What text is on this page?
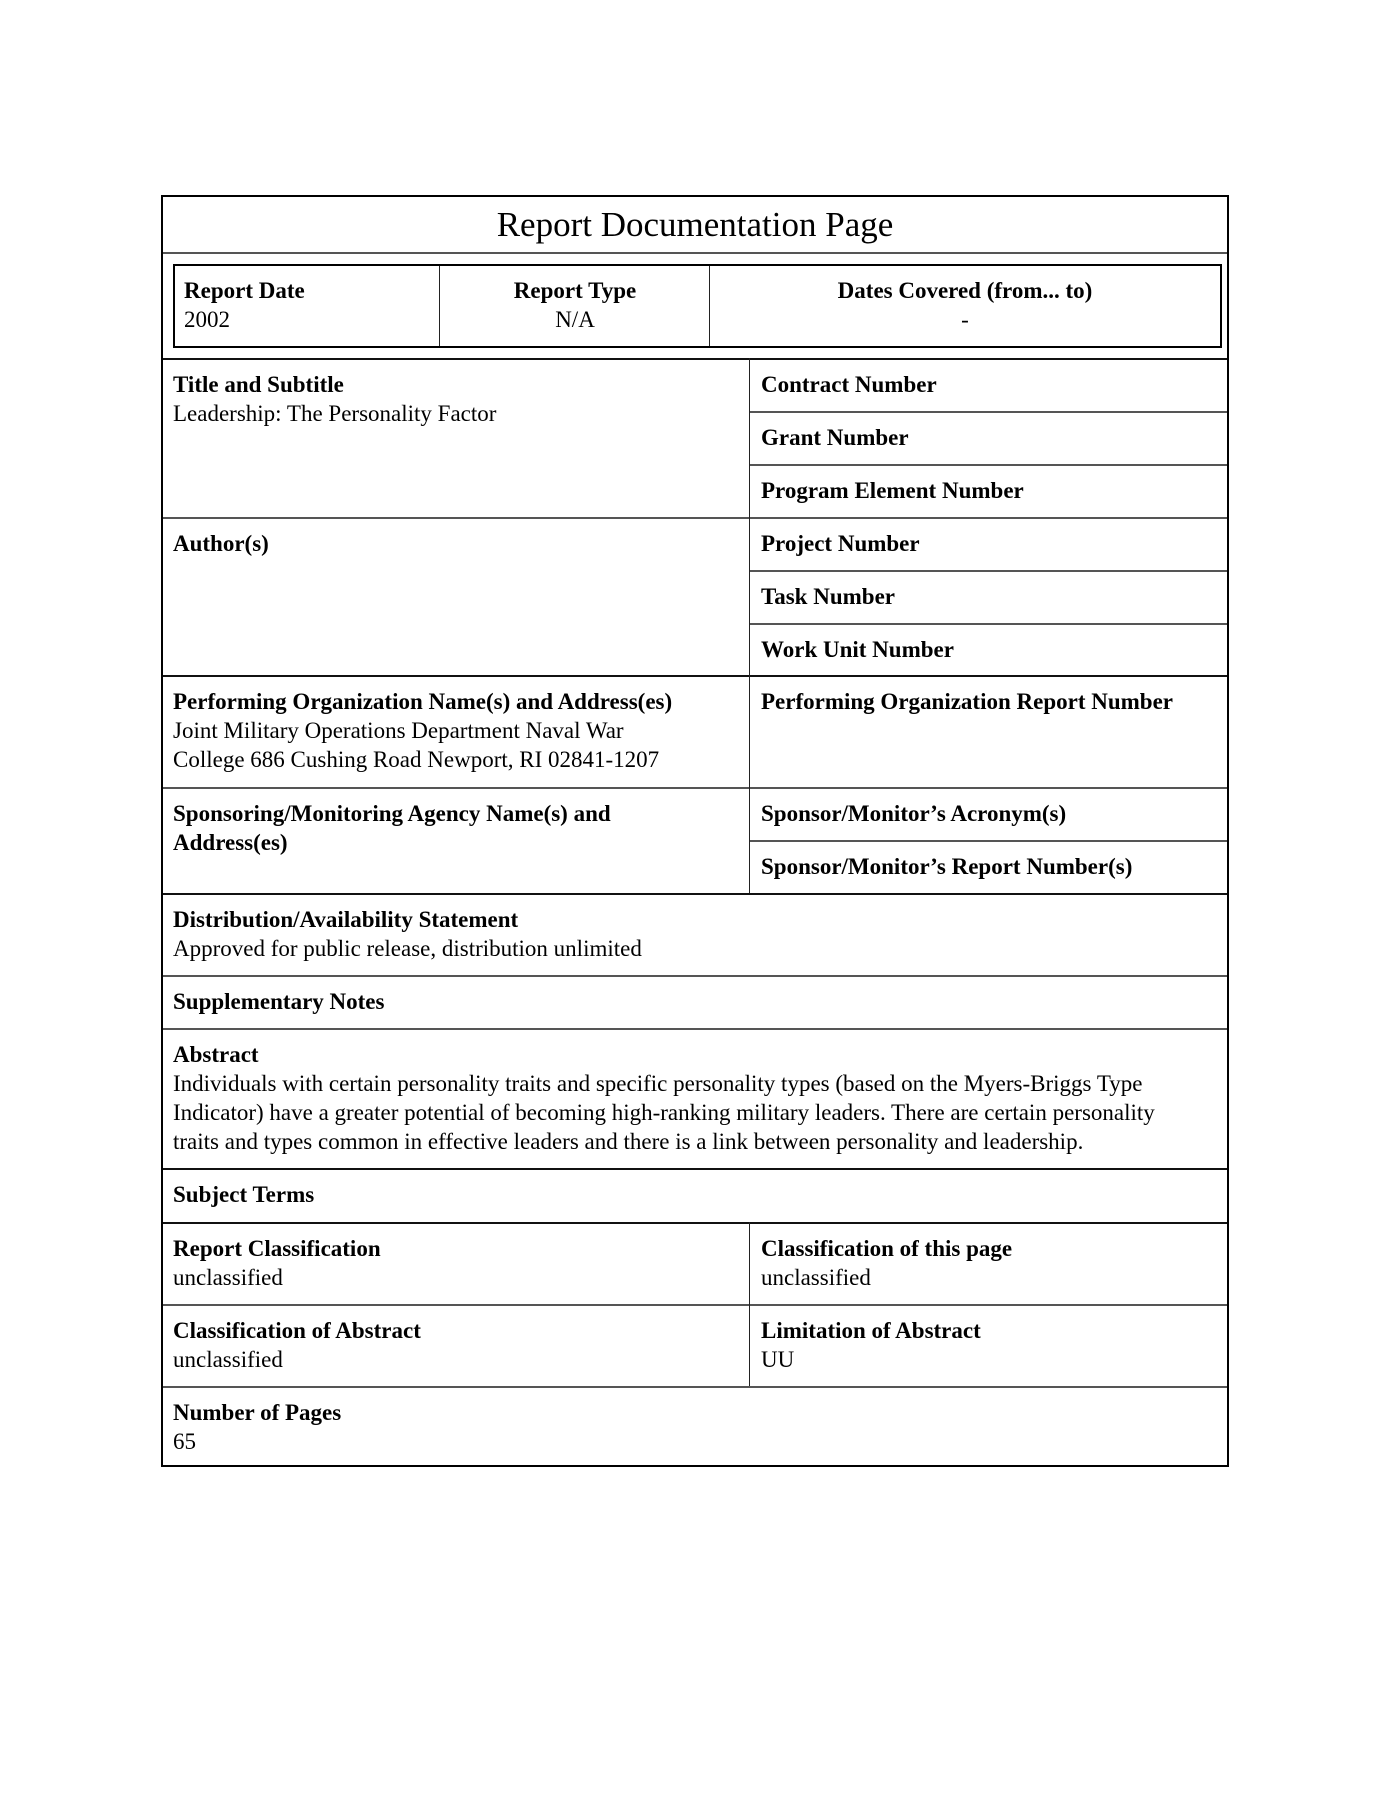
Report Documentation Page
Report Date
2002
Report Type
N/A
Dates Covered (from... to)
-
Title and Subtitle
Leadership: The Personality Factor
Contract Number
Grant Number
Program Element Number
Author(s)	Project Number
Task Number
Work Unit Number
Performing Organization Name(s) and Address(es)
Joint Military Operations Department Naval War
College 686 Cushing Road Newport, RI 02841-1207
Performing Organization Report Number
Sponsoring/Monitoring Agency Name(s) and
Address(es)
Sponsor/Monitor’s Acronym(s)
Sponsor/Monitor’s Report Number(s)
Distribution/Availability Statement
Approved for public release, distribution unlimited
Supplementary Notes
Abstract
Individuals with certain personality traits and specific personality types (based on the Myers-Briggs Type
Indicator) have a greater potential of becoming high-ranking military leaders. There are certain personality
traits and types common in effective leaders and there is a link between personality and leadership.
Subject Terms
Report Classification
unclassified
Classification of this page
unclassified
Classification of Abstract
unclassified
Limitation of Abstract
UU
Number of Pages
65
